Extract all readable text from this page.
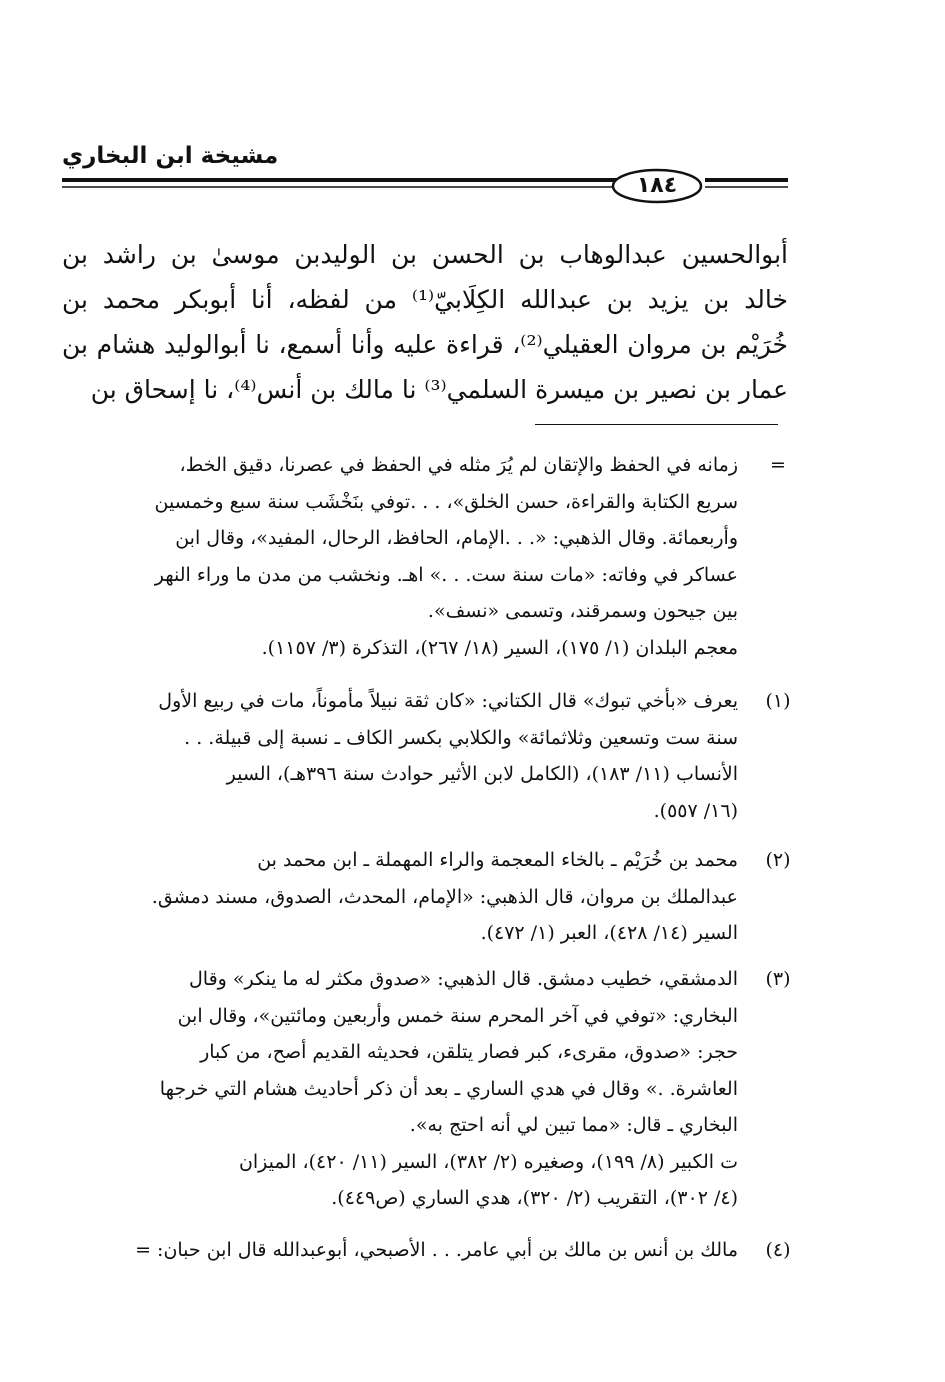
مشيخة ابن البخاري
١٨٤
أبوالحسين عبدالوهاب بن الحسن بن الوليدبن موسىٰ بن راشد بن
خالد بن يزيد بن عبدالله الكِلَابيّ⁽¹⁾ من لفظه، أنا أبوبكر محمد بن
خُرَيْم بن مروان العقيلي⁽²⁾، قراءة عليه وأنا أسمع، نا أبوالوليد هشام بن
عمار بن نصير بن ميسرة السلمي⁽³⁾ نا مالك بن أنس⁽⁴⁾، نا إسحاق بن
=
زمانه في الحفظ والإتقان لم يُرَ مثله في الحفظ في عصرنا، دقيق الخط،
سريع الكتابة والقراءة، حسن الخلق»، . . .توفي بنَخْشَب سنة سبع وخمسين
وأربعمائة. وقال الذهبي: «. . .الإمام، الحافظ، الرحال، المفيد»، وقال ابن
عساكر في وفاته: «مات سنة ست. . .» اهـ. ونخشب من مدن ما وراء النهر
بين جيحون وسمرقند، وتسمى «نسف».
معجم البلدان (١/ ١٧٥)، السير (١٨/ ٢٦٧)، التذكرة (٣/ ١١٥٧).
(١)
يعرف «بأخي تبوك» قال الكتاني: «كان ثقة نبيلاً مأموناً، مات في ربيع الأول
سنة ست وتسعين وثلاثمائة» والكلابي بكسر الكاف ـ نسبة إلى قبيلة. . .
الأنساب (١١/ ١٨٣)، (الكامل لابن الأثير حوادث سنة ٣٩٦هـ)، السير
(١٦/ ٥٥٧).
(٢)
محمد بن خُرَيْم ـ بالخاء المعجمة والراء المهملة ـ ابن محمد بن
عبدالملك بن مروان، قال الذهبي: «الإمام، المحدث، الصدوق، مسند دمشق.
السير (١٤/ ٤٢٨)، العبر (١/ ٤٧٢).
(٣)
الدمشقي، خطيب دمشق. قال الذهبي: «صدوق مكثر له ما ينكر» وقال
البخاري: «توفي في آخر المحرم سنة خمس وأربعين ومائتين»، وقال ابن
حجر: «صدوق، مقرىء، كبر فصار يتلقن، فحديثه القديم أصح، من كبار
العاشرة. .» وقال في هدي الساري ـ بعد أن ذكر أحاديث هشام التي خرجها
البخاري ـ قال: «مما تبين لي أنه احتج به».
ت الكبير (٨/ ١٩٩)، وصغيره (٢/ ٣٨٢)، السير (١١/ ٤٢٠)، الميزان
(٤/ ٣٠٢)، التقريب (٢/ ٣٢٠)، هدي الساري (ص٤٤٩).
(٤)
مالك بن أنس بن مالك بن أبي عامر. . . الأصبحي، أبوعبدالله قال ابن حبان: =
